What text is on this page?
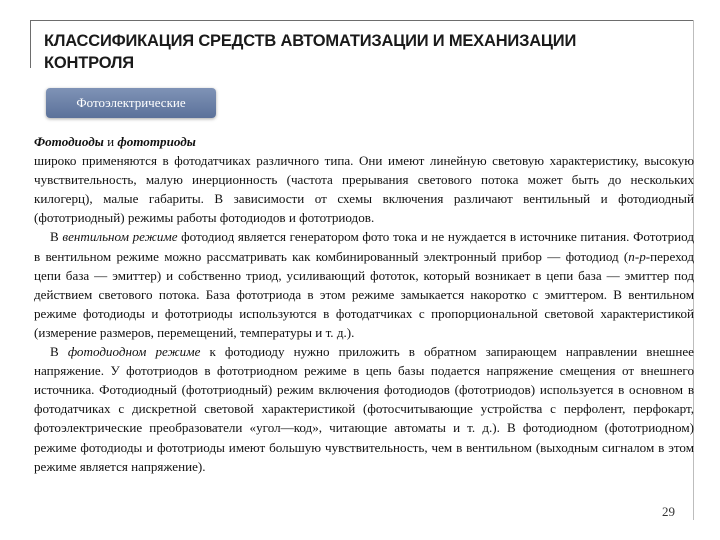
КЛАССИФИКАЦИЯ СРЕДСТВ АВТОМАТИЗАЦИИ И МЕХАНИЗАЦИИ КОНТРОЛЯ
Фотоэлектрические

Фотодиоды и фототриоды

широко применяются в фотодатчиках различного типа. Они имеют линейную световую характеристику, высокую чувствительность, малую инерционность (частота прерывания светового потока может быть до нескольких килогерц), малые габариты. В зависимости от схемы включения различают вентильный и фотодиодный (фототриодный) режимы работы фотодиодов и фототриодов.

В вентильном режиме фотодиод является генератором фото тока и не нуждается в источнике питания. Фототриод в вентильном режиме можно рассматривать как комбинированный электронный прибор — фотодиод (n-p-переход цепи база — эмиттер) и собственно триод, усиливающий фототок, который возникает в цепи база — эмиттер под действием светового потока. База фототриода в этом режиме замыкается накоротко с эмиттером. В вентильном режиме фотодиоды и фототриоды используются в фотодатчиках с пропорциональной световой характеристикой (измерение размеров, перемещений, температуры и т. д.).

В фотодиодном режиме к фотодиоду нужно приложить в обратном запирающем направлении внешнее напряжение. У фототриодов в фототриодном режиме в цепь базы подается напряжение смещения от внешнего источника. Фотодиодный (фототриодный) режим включения фотодиодов (фототриодов) используется в основном в фотодатчиках с дискретной световой характеристикой (фотосчитывающие устройства с перфолент, перфокарт, фотоэлектрические преобразователи «угол—код», читающие автоматы и т. д.). В фотодиодном (фототриодном) режиме фотодиоды и фототриоды имеют большую чувствительность, чем в вентильном (выходным сигналом в этом режиме является напряжение).

29
